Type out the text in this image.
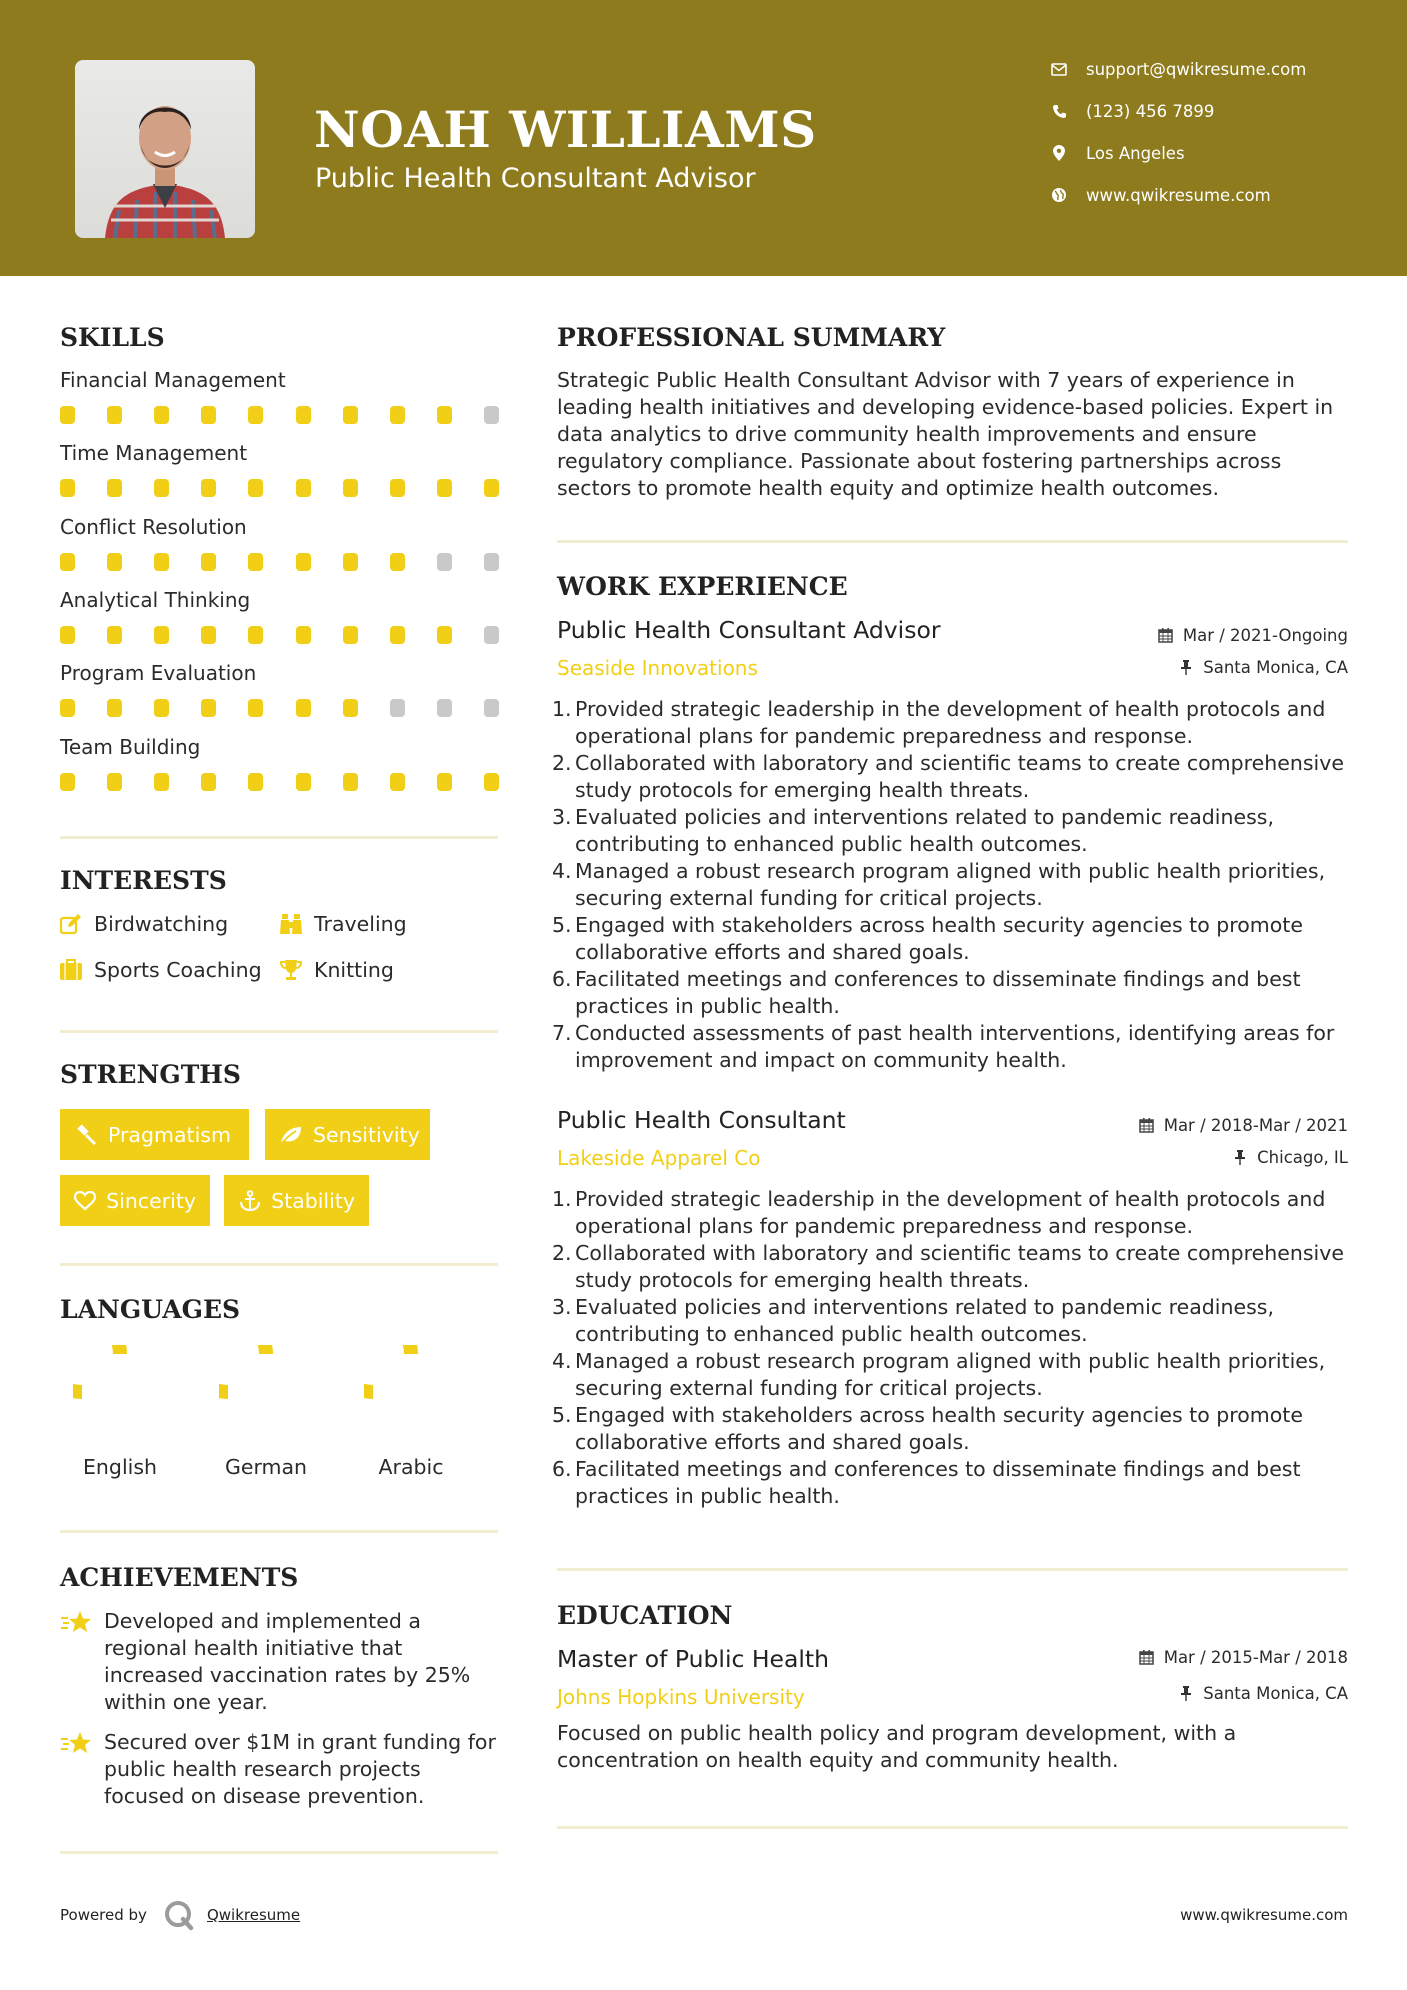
NOAH WILLIAMS
Public Health Consultant Advisor
support@qwikresume.com
(123) 456 7899
Los Angeles
www.qwikresume.com
SKILLS
Financial Management
Time Management
Conflict Resolution
Analytical Thinking
Program Evaluation
Team Building
INTERESTS
Birdwatching	Traveling
Sports Coaching	Knitting
STRENGTHS
Pragmatism	Sensitivity
Sincerity	Stability
LANGUAGES
English	German	Arabic
ACHIEVEMENTS
Developed and implemented a regional health initiative that increased vaccination rates by 25% within one year.
Secured over $1M in grant funding for public health research projects focused on disease prevention.
PROFESSIONAL SUMMARY
Strategic Public Health Consultant Advisor with 7 years of experience in leading health initiatives and developing evidence-based policies. Expert in data analytics to drive community health improvements and ensure regulatory compliance. Passionate about fostering partnerships across sectors to promote health equity and optimize health outcomes.
WORK EXPERIENCE
Public Health Consultant Advisor	Mar / 2021-Ongoing
Seaside Innovations	Santa Monica, CA
1. Provided strategic leadership in the development of health protocols and operational plans for pandemic preparedness and response.
2. Collaborated with laboratory and scientific teams to create comprehensive study protocols for emerging health threats.
3. Evaluated policies and interventions related to pandemic readiness, contributing to enhanced public health outcomes.
4. Managed a robust research program aligned with public health priorities, securing external funding for critical projects.
5. Engaged with stakeholders across health security agencies to promote collaborative efforts and shared goals.
6. Facilitated meetings and conferences to disseminate findings and best practices in public health.
7. Conducted assessments of past health interventions, identifying areas for improvement and impact on community health.
Public Health Consultant	Mar / 2018-Mar / 2021
Lakeside Apparel Co	Chicago, IL
1. Provided strategic leadership in the development of health protocols and operational plans for pandemic preparedness and response.
2. Collaborated with laboratory and scientific teams to create comprehensive study protocols for emerging health threats.
3. Evaluated policies and interventions related to pandemic readiness, contributing to enhanced public health outcomes.
4. Managed a robust research program aligned with public health priorities, securing external funding for critical projects.
5. Engaged with stakeholders across health security agencies to promote collaborative efforts and shared goals.
6. Facilitated meetings and conferences to disseminate findings and best practices in public health.
EDUCATION
Master of Public Health	Mar / 2015-Mar / 2018
Johns Hopkins University	Santa Monica, CA
Focused on public health policy and program development, with a concentration on health equity and community health.
Powered by	Qwikresume	www.qwikresume.com
